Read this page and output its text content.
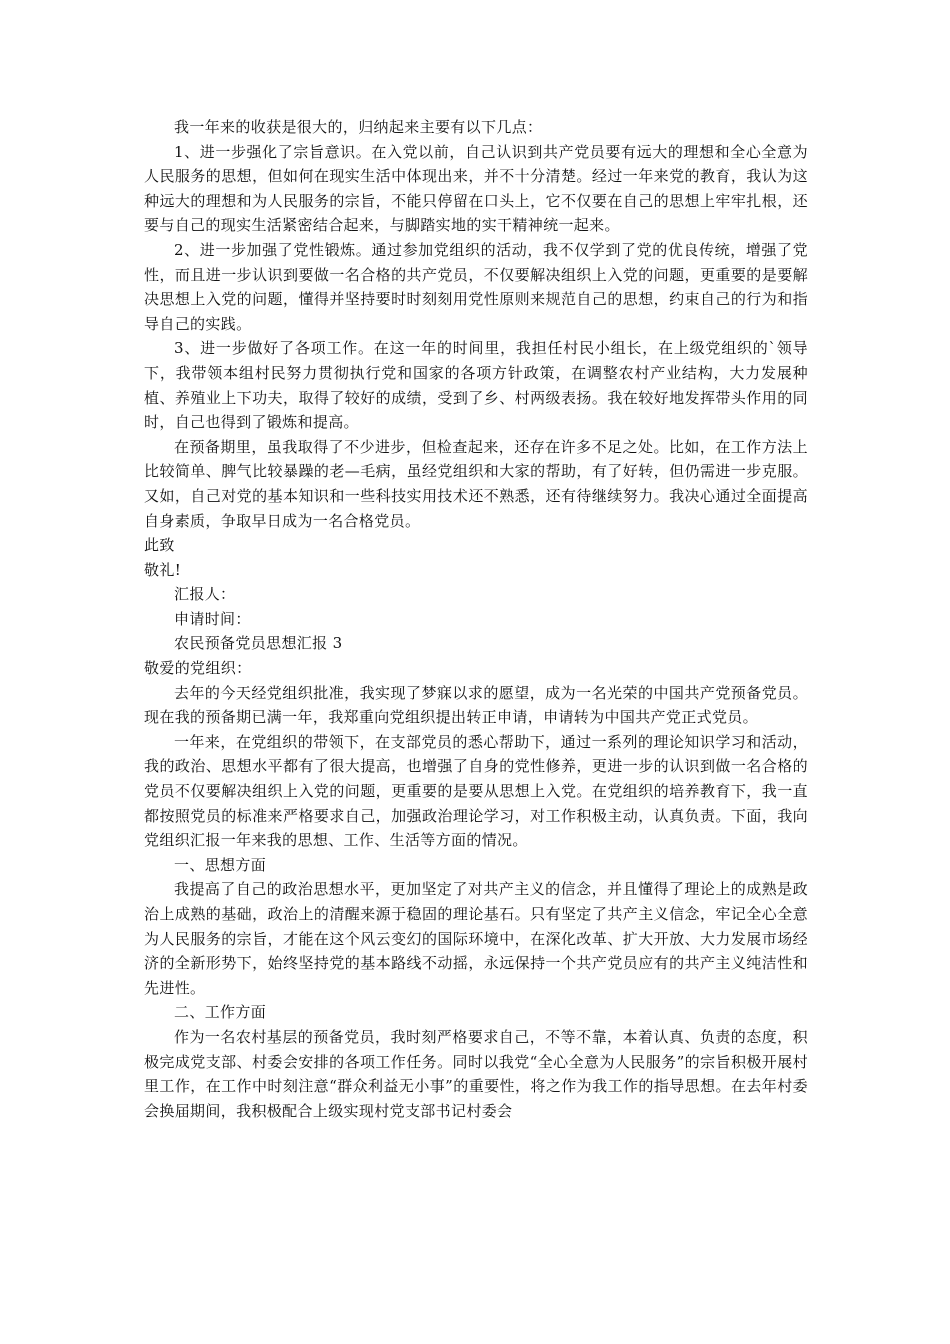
我一年来的收获是很大的，归纳起来主要有以下几点：

1、进一步强化了宗旨意识。在入党以前，自己认识到共产党员要有远大的理想和全心全意为人民服务的思想，但如何在现实生活中体现出来，并不十分清楚。经过一年来党的教育，我认为这种远大的理想和为人民服务的宗旨，不能只停留在口头上，它不仅要在自己的思想上牢牢扎根，还要与自己的现实生活紧密结合起来，与脚踏实地的实干精神统一起来。

2、进一步加强了党性锻炼。通过参加党组织的活动，我不仅学到了党的优良传统，增强了党性，而且进一步认识到要做一名合格的共产党员，不仅要解决组织上入党的问题，更重要的是要解决思想上入党的问题，懂得并坚持要时时刻刻用党性原则来规范自己的思想，约束自己的行为和指导自己的实践。

3、进一步做好了各项工作。在这一年的时间里，我担任村民小组长，在上级党组织的`领导下，我带领本组村民努力贯彻执行党和国家的各项方针政策，在调整农村产业结构，大力发展种植、养殖业上下功夫，取得了较好的成绩，受到了乡、村两级表扬。我在较好地发挥带头作用的同时，自己也得到了锻炼和提高。

在预备期里，虽我取得了不少进步，但检查起来，还存在许多不足之处。比如，在工作方法上比较简单、脾气比较暴躁的老—毛病，虽经党组织和大家的帮助，有了好转，但仍需进一步克服。又如，自己对党的基本知识和一些科技实用技术还不熟悉，还有待继续努力。我决心通过全面提高自身素质，争取早日成为一名合格党员。

此致

敬礼!

汇报人：

申请时间：

农民预备党员思想汇报 3

敬爱的党组织：

去年的今天经党组织批准，我实现了梦寐以求的愿望，成为一名光荣的中国共产党预备党员。现在我的预备期已满一年，我郑重向党组织提出转正申请，申请转为中国共产党正式党员。

一年来，在党组织的带领下，在支部党员的悉心帮助下，通过一系列的理论知识学习和活动，我的政治、思想水平都有了很大提高，也增强了自身的党性修养，更进一步的认识到做一名合格的党员不仅要解决组织上入党的问题，更重要的是要从思想上入党。在党组织的培养教育下，我一直都按照党员的标准来严格要求自己，加强政治理论学习，对工作积极主动，认真负责。下面，我向党组织汇报一年来我的思想、工作、生活等方面的情况。

一、思想方面

我提高了自己的政治思想水平，更加坚定了对共产主义的信念，并且懂得了理论上的成熟是政治上成熟的基础，政治上的清醒来源于稳固的理论基石。只有坚定了共产主义信念，牢记全心全意为人民服务的宗旨，才能在这个风云变幻的国际环境中，在深化改革、扩大开放、大力发展市场经济的全新形势下，始终坚持党的基本路线不动摇，永远保持一个共产党员应有的共产主义纯洁性和先进性。

二、工作方面

作为一名农村基层的预备党员，我时刻严格要求自己，不等不靠，本着认真、负责的态度，积极完成党支部、村委会安排的各项工作任务。同时以我党“全心全意为人民服务”的宗旨积极开展村里工作，在工作中时刻注意“群众利益无小事”的重要性，将之作为我工作的指导思想。在去年村委会换届期间，我积极配合上级实现村党支部书记村委会
